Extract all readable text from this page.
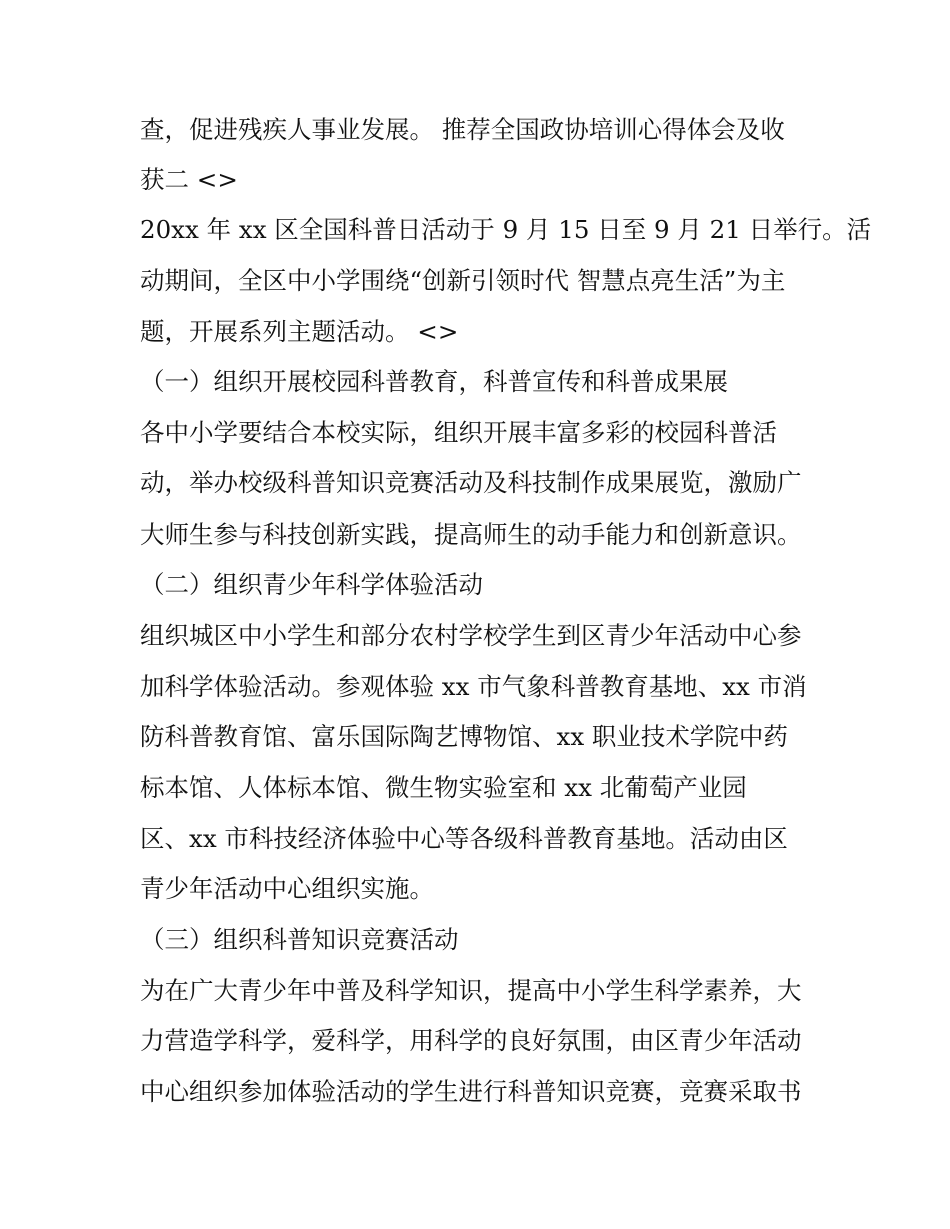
查，促进残疾人事业发展。 推荐全国政协培训心得体会及收
获二 <>
20xx 年 xx 区全国科普日活动于 9 月 15 日至 9 月 21 日举行。活
动期间，全区中小学围绕“创新引领时代 智慧点亮生活”为主
题，开展系列主题活动。 <>
（一）组织开展校园科普教育，科普宣传和科普成果展
各中小学要结合本校实际，组织开展丰富多彩的校园科普活
动，举办校级科普知识竞赛活动及科技制作成果展览，激励广
大师生参与科技创新实践，提高师生的动手能力和创新意识。
（二）组织青少年科学体验活动
组织城区中小学生和部分农村学校学生到区青少年活动中心参
加科学体验活动。参观体验 xx 市气象科普教育基地、xx 市消
防科普教育馆、富乐国际陶艺博物馆、xx 职业技术学院中药
标本馆、人体标本馆、微生物实验室和 xx 北葡萄产业园
区、xx 市科技经济体验中心等各级科普教育基地。活动由区
青少年活动中心组织实施。
（三）组织科普知识竞赛活动
为在广大青少年中普及科学知识，提高中小学生科学素养，大
力营造学科学，爱科学，用科学的良好氛围，由区青少年活动
中心组织参加体验活动的学生进行科普知识竞赛，竞赛采取书
